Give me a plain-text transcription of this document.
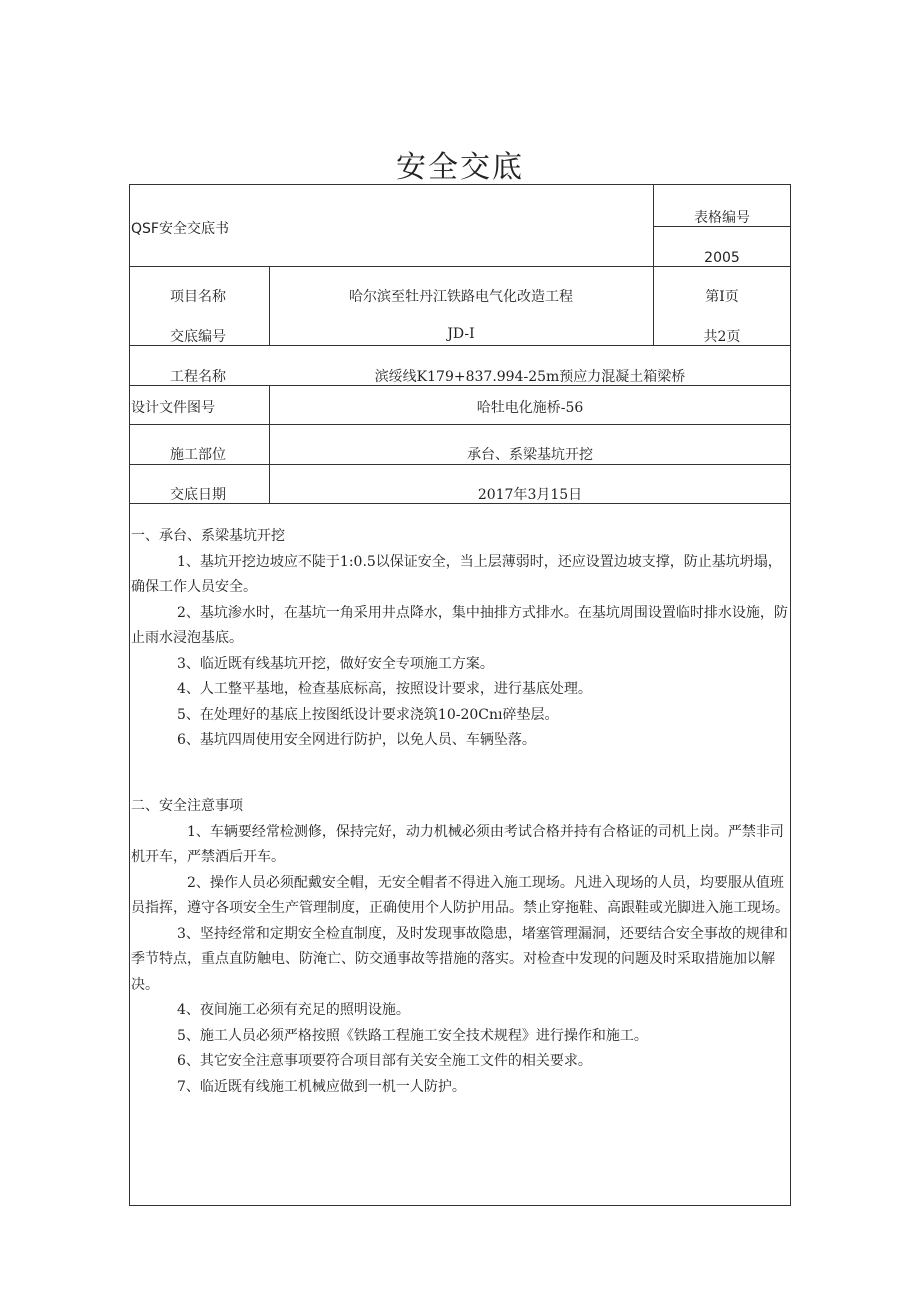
安全交底
QSF安全交底书
表格编号
2005
项目名称	哈尔滨至牡丹江铁路电气化改造工程	第I页
交底编号	JD-I	共2页
工程名称	滨绥线K179+837.994-25m预应力混凝土箱梁桥
设计文件图号	哈牡电化施桥-56
施工部位	承台、系梁基坑开挖
交底日期	2017年3月15日

一、承台、系梁基坑开挖

1、基坑开挖边坡应不陡于1:0.5以保证安全，当上层薄弱时，还应设置边坡支撑，防止基坑坍塌，确保工作人员安全。

2、基坑渗水时，在基坑一角采用井点降水，集中抽排方式排水。在基坑周围设置临时排水设施，防止雨水浸泡基底。

3、临近既有线基坑开挖，做好安全专项施工方案。

4、人工整平基地，检查基底标高，按照设计要求，进行基底处理。

5、在处理好的基底上按图纸设计要求浇筑10-20Cnı碎垫层。

6、基坑四周使用安全网进行防护，以免人员、车辆坠落。

二、安全注意事项

1、车辆要经常检测修，保持完好，动力机械必须由考试合格并持有合格证的司机上岗。严禁非司机开车，严禁酒后开车。

2、操作人员必须配戴安全帽，无安全帽者不得进入施工现场。凡进入现场的人员，均要服从值班员指挥，遵守各项安全生产管理制度，正确使用个人防护用品。禁止穿拖鞋、高跟鞋或光脚进入施工现场。

3、坚持经常和定期安全检直制度，及时发现事故隐患，堵塞管理漏洞，还要结合安全事故的规律和季节特点，重点直防触电、防淹亡、防交通事故等措施的落实。对检查中发现的问题及时采取措施加以解决。

4、夜间施工必须有充足的照明设施。

5、施工人员必须严格按照《铁路工程施工安全技术规程》进行操作和施工。

6、其它安全注意事项要符合项目部有关安全施工文件的相关要求。

7、临近既有线施工机械应做到一机一人防护。
